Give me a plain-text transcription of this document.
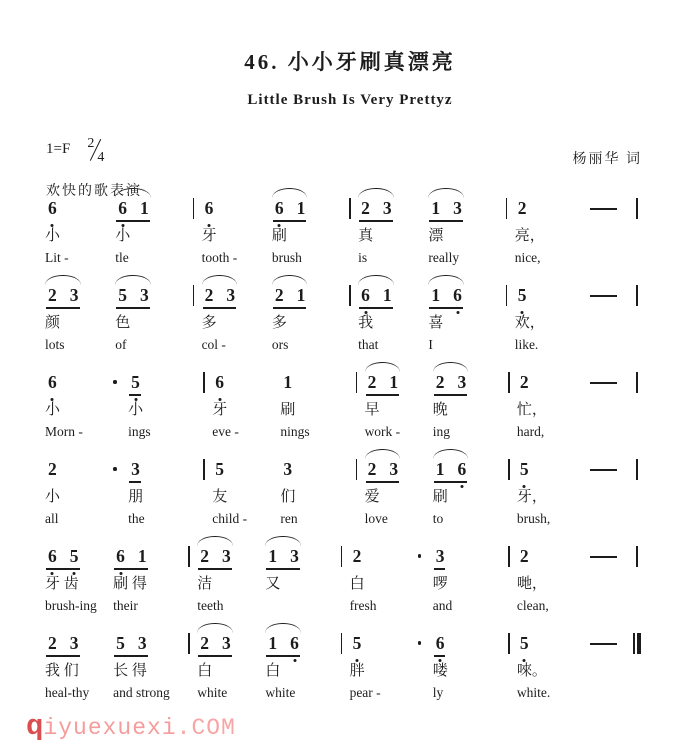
46. 小小牙刷真漂亮
Little Brush Is Very Prettyz
1=F 2
4
欢快的歌表演
杨丽华 词
6
小
Lit -
6 1
小
tle
6
牙
tooth -
6 1
刷
brush
2 3
真
is
1 3
漂
really
2
亮，
nice,
2 3
颜
lots
5 3
色
of
2 3
多
col -
2 1
多
ors
6 1
我
that
1 6
喜
I
5
欢，
like.
6
小
Morn -
5
小
ings
6
牙
eve -
1
刷
nings
2 1
早
work -
2 3
晚
ing
2
忙，
hard,
2
小
all
3
朋
the
5
友
child -
3
们
ren
2 3
爱
love
1 6
刷
to
5
牙，
brush,
6 5
牙 齿
brush-ing
6 1
刷 得
their
2 3
洁
teeth
1 3
又
2
白
fresh
3
啰
and
2
哋，
clean,
2 3
我 们
heal-thy
5 3
长 得
and strong
2 3
白
white
1 6
白
white
5
胖
pear -
6
喽
ly
5
唻。
white.
qiyuexuexi.COM
